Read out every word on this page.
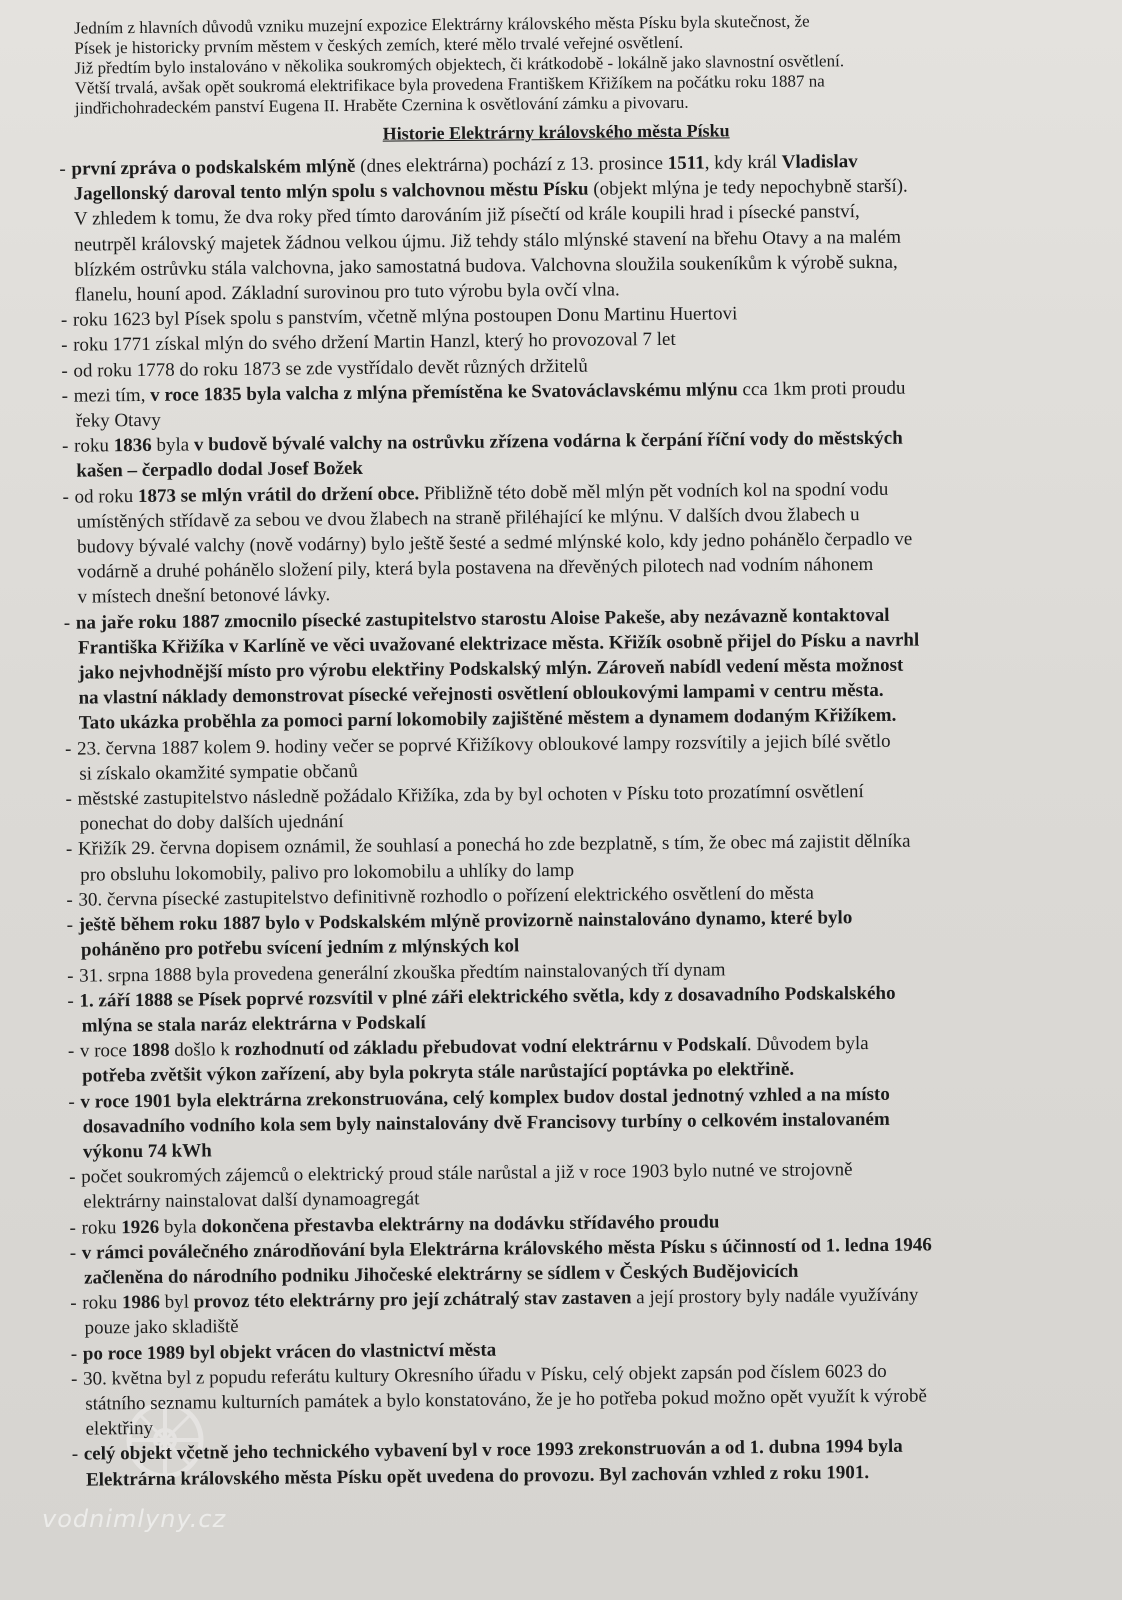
Jedním z hlavních důvodů vzniku muzejní expozice Elektrárny královského města Písku byla skutečnost, že
Písek je historicky prvním městem v českých zemích, které mělo trvalé veřejné osvětlení.
Již předtím bylo instalováno v několika soukromých objektech, či krátkodobě - lokálně jako slavnostní osvětlení.
Větší trvalá, avšak opět soukromá elektrifikace byla provedena Františkem Křižíkem na počátku roku 1887 na
jindřichohradeckém panství Eugena II. Hraběte Czernina k osvětlování zámku a pivovaru.
Historie Elektrárny královského města Písku
- první zpráva o podskalském mlýně (dnes elektrárna) pochází z 13. prosince 1511, kdy král Vladislav
Jagellonský daroval tento mlýn spolu s valchovnou městu Písku (objekt mlýna je tedy nepochybně starší).
V zhledem k tomu, že dva roky před tímto darováním již písečtí od krále koupili hrad i písecké panství,
neutrpěl královský majetek žádnou velkou újmu. Již tehdy stálo mlýnské stavení na břehu Otavy a na malém
blízkém ostrůvku stála valchovna, jako samostatná budova. Valchovna sloužila soukeníkům k výrobě sukna,
flanelu, houní apod. Základní surovinou pro tuto výrobu byla ovčí vlna.
- roku 1623 byl Písek spolu s panstvím, včetně mlýna postoupen Donu Martinu Huertovi
- roku 1771 získal mlýn do svého držení Martin Hanzl, který ho provozoval 7 let
- od roku 1778 do roku 1873 se zde vystřídalo devět různých držitelů
- mezi tím, v roce 1835 byla valcha z mlýna přemístěna ke Svatováclavskému mlýnu cca 1km proti proudu
řeky Otavy
- roku 1836 byla v budově bývalé valchy na ostrůvku zřízena vodárna k čerpání říční vody do městských
kašen – čerpadlo dodal Josef Božek
- od roku 1873 se mlýn vrátil do držení obce. Přibližně této době měl mlýn pět vodních kol na spodní vodu
umístěných střídavě za sebou ve dvou žlabech na straně přiléhající ke mlýnu. V dalších dvou žlabech u
budovy bývalé valchy (nově vodárny) bylo ještě šesté a sedmé mlýnské kolo, kdy jedno pohánělo čerpadlo ve
vodárně a druhé pohánělo složení pily, která byla postavena na dřevěných pilotech nad vodním náhonem
v místech dnešní betonové lávky.
- na jaře roku 1887 zmocnilo písecké zastupitelstvo starostu Aloise Pakeše, aby nezávazně kontaktoval
Františka Křižíka v Karlíně ve věci uvažované elektrizace města. Křižík osobně přijel do Písku a navrhl
jako nejvhodnější místo pro výrobu elektřiny Podskalský mlýn. Zároveň nabídl vedení města možnost
na vlastní náklady demonstrovat písecké veřejnosti osvětlení obloukovými lampami v centru města.
Tato ukázka proběhla za pomoci parní lokomobily zajištěné městem a dynamem dodaným Křižíkem.
- 23. června 1887 kolem 9. hodiny večer se poprvé Křižíkovy obloukové lampy rozsvítily a jejich bílé světlo
si získalo okamžité sympatie občanů
- městské zastupitelstvo následně požádalo Křižíka, zda by byl ochoten v Písku toto prozatímní osvětlení
ponechat do doby dalších ujednání
- Křižík 29. června dopisem oznámil, že souhlasí a ponechá ho zde bezplatně, s tím, že obec má zajistit dělníka
pro obsluhu lokomobily, palivo pro lokomobilu a uhlíky do lamp
- 30. června písecké zastupitelstvo definitivně rozhodlo o pořízení elektrického osvětlení do města
- ještě během roku 1887 bylo v Podskalském mlýně provizorně nainstalováno dynamo, které bylo
poháněno pro potřebu svícení jedním z mlýnských kol
- 31. srpna 1888 byla provedena generální zkouška předtím nainstalovaných tří dynam
- 1. září 1888 se Písek poprvé rozsvítil v plné záři elektrického světla, kdy z dosavadního Podskalského
mlýna se stala naráz elektrárna v Podskalí
- v roce 1898 došlo k rozhodnutí od základu přebudovat vodní elektrárnu v Podskalí. Důvodem byla
potřeba zvětšit výkon zařízení, aby byla pokryta stále narůstající poptávka po elektřině.
- v roce 1901 byla elektrárna zrekonstruována, celý komplex budov dostal jednotný vzhled a na místo
dosavadního vodního kola sem byly nainstalovány dvě Francisovy turbíny o celkovém instalovaném
výkonu 74 kWh
- počet soukromých zájemců o elektrický proud stále narůstal a již v roce 1903 bylo nutné ve strojovně
elektrárny nainstalovat další dynamoagregát
- roku 1926 byla dokončena přestavba elektrárny na dodávku střídavého proudu
- v rámci poválečného znárodňování byla Elektrárna královského města Písku s účinností od 1. ledna 1946
začleněna do národního podniku Jihočeské elektrárny se sídlem v Českých Budějovicích
- roku 1986 byl provoz této elektrárny pro její zchátralý stav zastaven a její prostory byly nadále využívány
pouze jako skladiště
- po roce 1989 byl objekt vrácen do vlastnictví města
- 30. května byl z popudu referátu kultury Okresního úřadu v Písku, celý objekt zapsán pod číslem 6023 do
státního seznamu kulturních památek a bylo konstatováno, že je ho potřeba pokud možno opět využít k výrobě
elektřiny
- celý objekt včetně jeho technického vybavení byl v roce 1993 zrekonstruován a od 1. dubna 1994 byla
Elektrárna královského města Písku opět uvedena do provozu. Byl zachován vzhled z roku 1901.
vodnimlyny.cz
